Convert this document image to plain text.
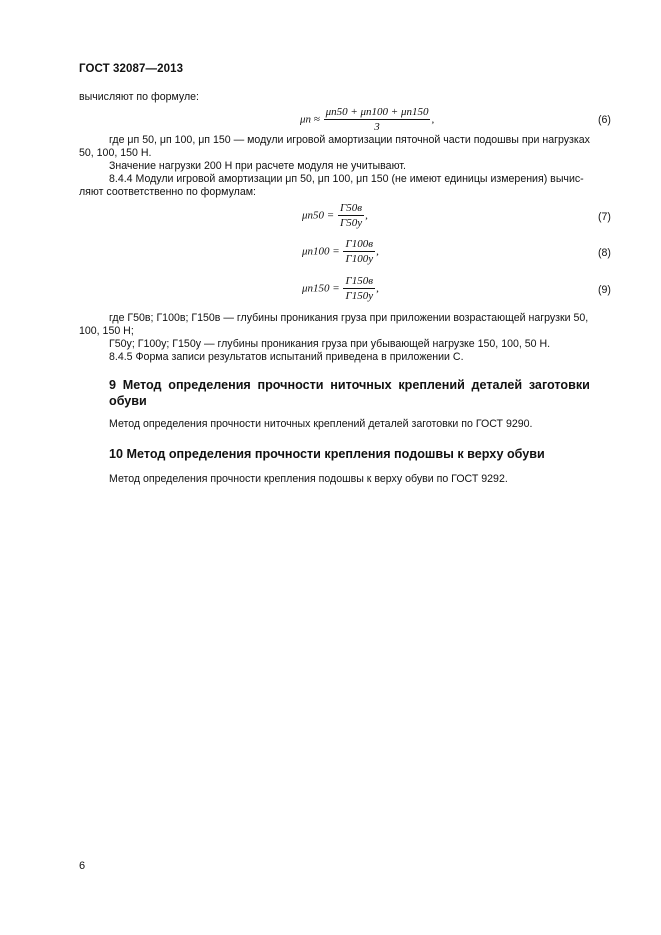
ГОСТ 32087—2013
вычисляют по формуле:
$\mu п \approx \frac{\mu п50 + \mu п100 + \mu п150}{3}$ ,	(6)
где μп 50, μп 100, μп 150 — модули игровой амортизации пяточной части подошвы при нагрузках
50, 100, 150 Н.
Значение нагрузки 200 Н при расчете модуля не учитывают.
8.4.4 Модули игровой амортизации μп 50, μп 100, μп 150 (не имеют единицы измерения) вычис-
ляют соответственно по формулам:
$\mu п50 = \frac{Г50в}{Г50у}$ ,	(7)
$\mu п100 = \frac{Г100в}{Г100у}$ ,	(8)
$\mu п150 = \frac{Г150в}{Г150у}$ ,	(9)
где Г50в; Г100в; Г150в — глубины проникания груза при приложении возрастающей нагрузки 50,
100, 150 Н;
Г50у; Г100у; Г150у — глубины проникания груза при убывающей нагрузке 150, 100, 50 Н.
8.4.5 Форма записи результатов испытаний приведена в приложении С.
9 Метод определения прочности ниточных креплений деталей заготовки
обуви
Метод определения прочности ниточных креплений деталей заготовки по ГОСТ 9290.
10 Метод определения прочности крепления подошвы к верху обуви
Метод определения прочности крепления подошвы к верху обуви по ГОСТ 9292.
6
